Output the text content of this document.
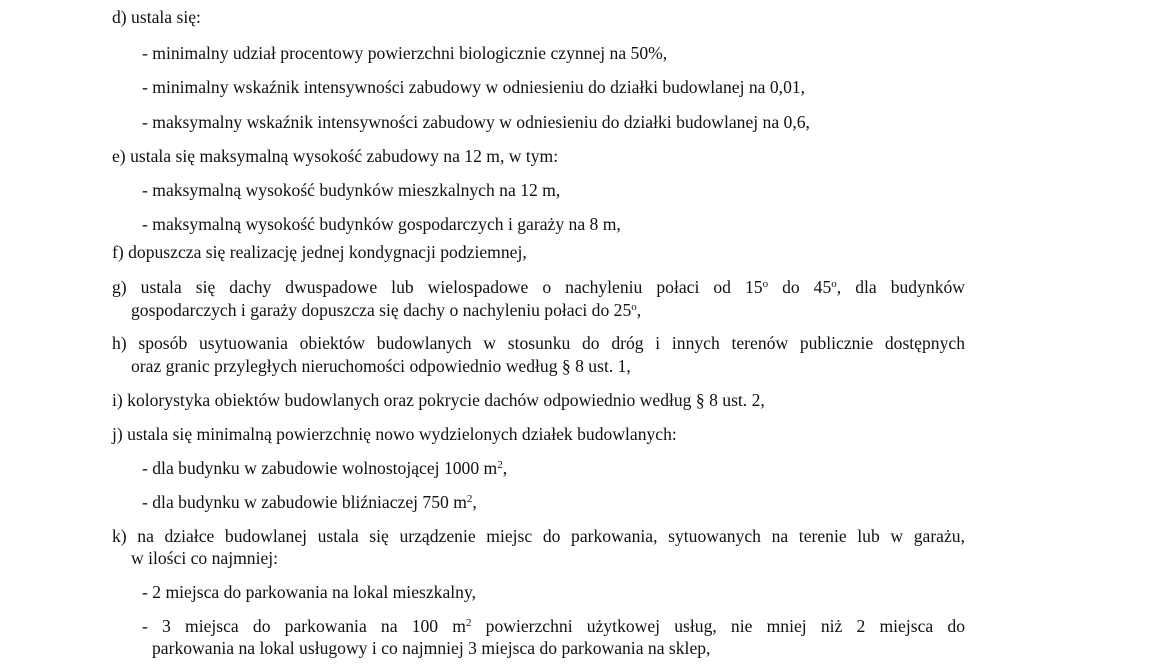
d) ustala się:
- minimalny udział procentowy powierzchni biologicznie czynnej na 50%,
- minimalny wskaźnik intensywności zabudowy w odniesieniu do działki budowlanej na 0,01,
- maksymalny wskaźnik intensywności zabudowy w odniesieniu do działki budowlanej na 0,6,
e) ustala się maksymalną wysokość zabudowy na 12 m, w tym:
- maksymalną wysokość budynków mieszkalnych na 12 m,
- maksymalną wysokość budynków gospodarczych i garaży na 8 m,
f) dopuszcza się realizację jednej kondygnacji podziemnej,
g) ustala się dachy dwuspadowe lub wielospadowe o nachyleniu połaci od 15$^o$ do 45$^o$, dla budynków
gospodarczych i garaży dopuszcza się dachy o nachyleniu połaci do 25$^o$,
h) sposób usytuowania obiektów budowlanych w stosunku do dróg i innych terenów publicznie dostępnych
oraz granic przyległych nieruchomości odpowiednio według § 8 ust. 1,
i) kolorystyka obiektów budowlanych oraz pokrycie dachów odpowiednio według § 8 ust. 2,
j) ustala się minimalną powierzchnię nowo wydzielonych działek budowlanych:
- dla budynku w zabudowie wolnostojącej 1000 $m^2$,
- dla budynku w zabudowie bliźniaczej 750 $m^2$,
k) na działce budowlanej ustala się urządzenie miejsc do parkowania, sytuowanych na terenie lub w garażu,
w ilości co najmniej:
- 2 miejsca do parkowania na lokal mieszkalny,
- 3 miejsca do parkowania na 100 $m^2$ powierzchni użytkowej usług, nie mniej niż 2 miejsca do
parkowania na lokal usługowy i co najmniej 3 miejsca do parkowania na sklep,
